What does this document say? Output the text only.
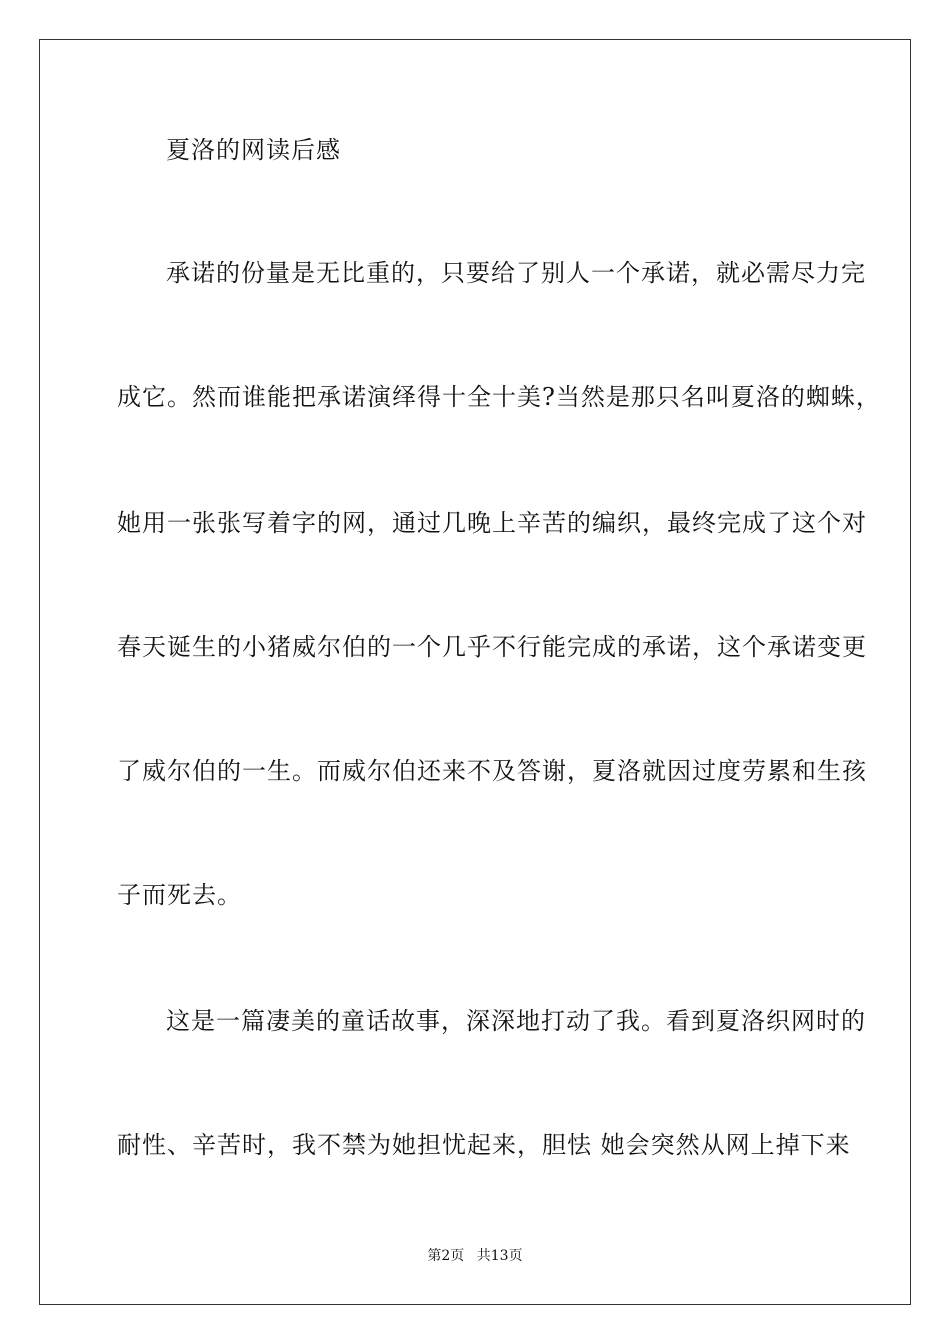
夏洛的网读后感
承诺的份量是无比重的，只要给了别人一个承诺，就必需尽力完
成它。然而谁能把承诺演绎得十全十美?当然是那只名叫夏洛的蜘蛛，
她用一张张写着字的网，通过几晚上辛苦的编织，最终完成了这个对
春天诞生的小猪威尔伯的一个几乎不行能完成的承诺，这个承诺变更
了威尔伯的一生。而威尔伯还来不及答谢，夏洛就因过度劳累和生孩
子而死去。
这是一篇凄美的童话故事，深深地打动了我。看到夏洛织网时的
耐性、辛苦时，我不禁为她担忧起来，胆怯 她会突然从网上掉下来
第2页 共13页
